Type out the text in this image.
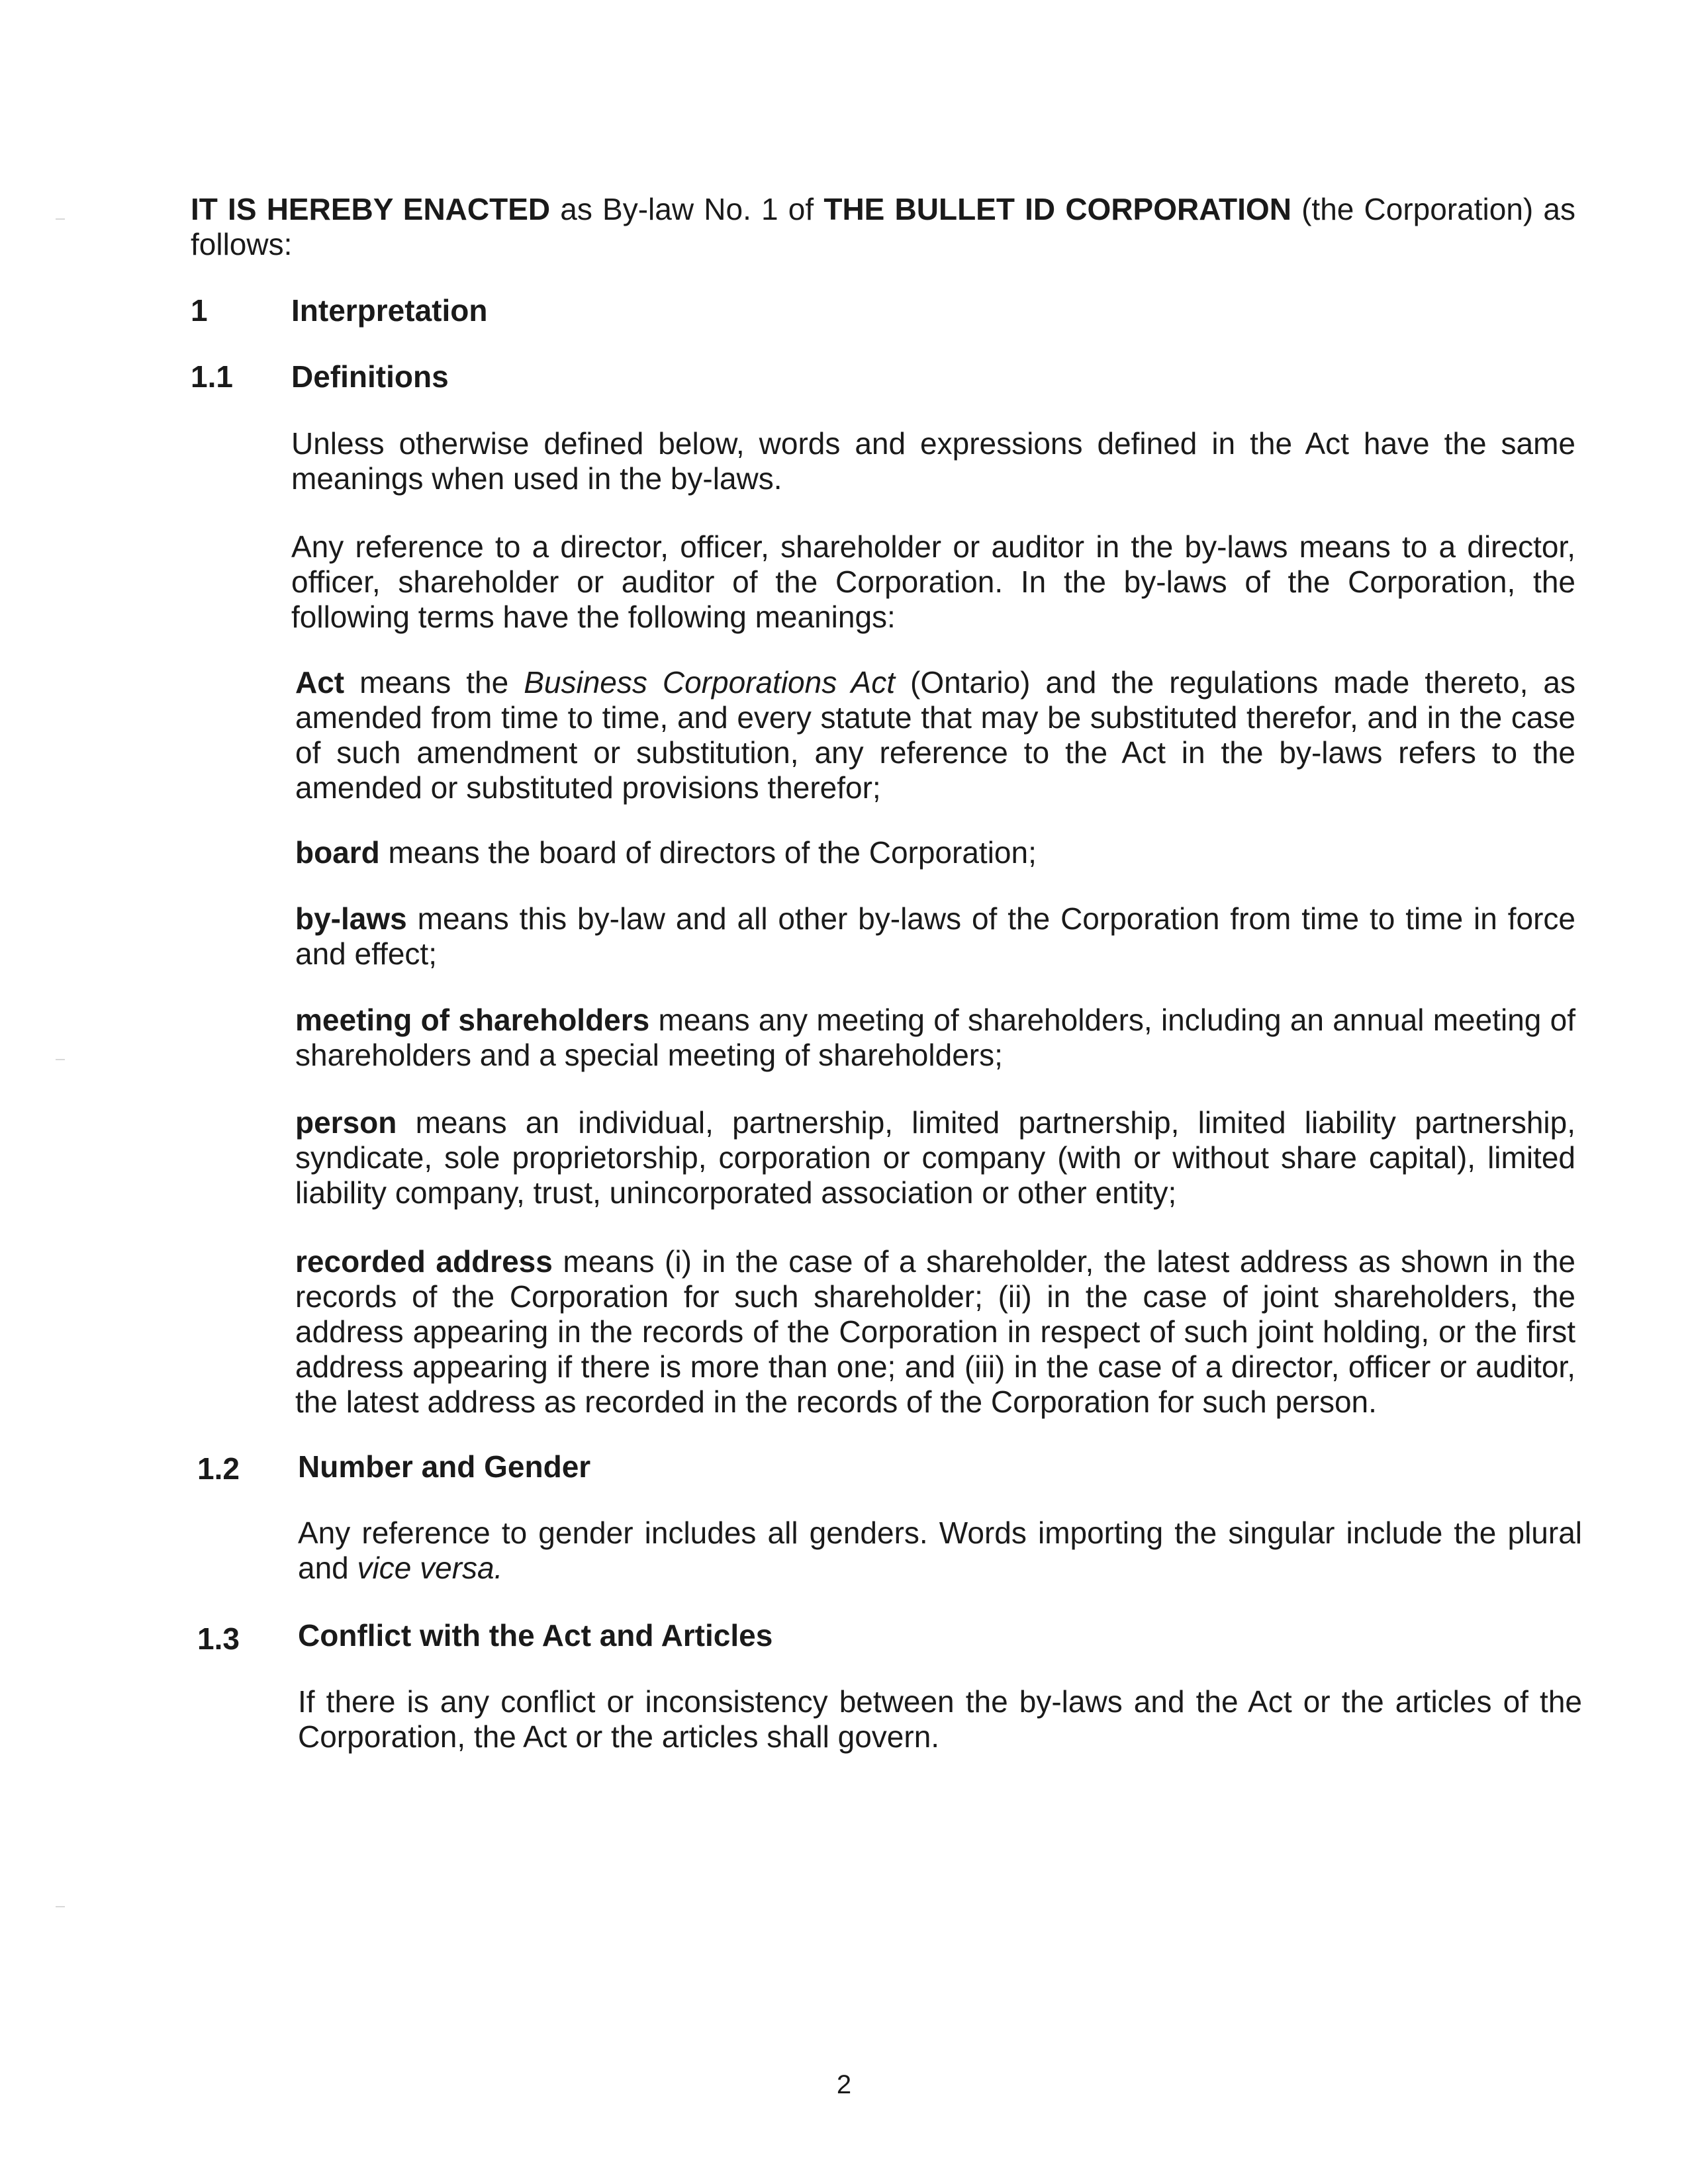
IT IS HEREBY ENACTED as By-law No. 1 of THE BULLET ID CORPORATION (the Corporation) as follows:

1	Interpretation
1.1 Definitions

Unless otherwise defined below, words and expressions defined in the Act have the same meanings when used in the by-laws.

Any reference to a director, officer, shareholder or auditor in the by-laws means to a director, officer, shareholder or auditor of the Corporation. In the by-laws of the Corporation, the following terms have the following meanings:

Act means the Business Corporations Act (Ontario) and the regulations made thereto, as amended from time to time, and every statute that may be substituted therefor, and in the case of such amendment or substitution, any reference to the Act in the by-laws refers to the amended or substituted provisions therefor;

board means the board of directors of the Corporation;

by-laws means this by-law and all other by-laws of the Corporation from time to time in force and effect;

meeting of shareholders means any meeting of shareholders, including an annual meeting of shareholders and a special meeting of shareholders;

person means an individual, partnership, limited partnership, limited liability partnership, syndicate, sole proprietorship, corporation or company (with or without share capital), limited liability company, trust, unincorporated association or other entity;

recorded address means (i) in the case of a shareholder, the latest address as shown in the records of the Corporation for such shareholder; (ii) in the case of joint shareholders, the address appearing in the records of the Corporation in respect of such joint holding, or the first address appearing if there is more than one; and (iii) in the case of a director, officer or auditor, the latest address as recorded in the records of the Corporation for such person.

1.2 Number and Gender

Any reference to gender includes all genders. Words importing the singular include the plural and vice versa.

1.3 Conflict with the Act and Articles

If there is any conflict or inconsistency between the by-laws and the Act or the articles of the Corporation, the Act or the articles shall govern.

2
